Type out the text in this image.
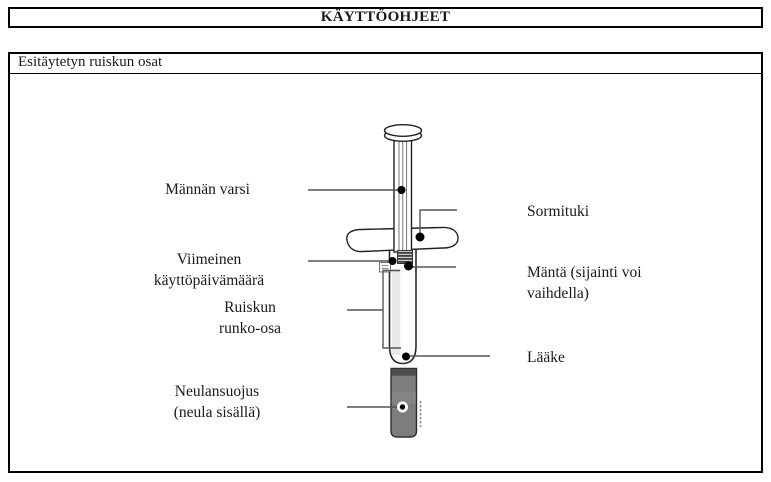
KÄYTTÖOHJEET
Esitäytetyn ruiskun osat
Männän varsi
Viimeinen
käyttöpäivämäärä
Ruiskun
runko-osa
Neulansuojus
(neula sisällä)
Sormituki
Mäntä (sijainti voi
vaihdella)
Lääke
